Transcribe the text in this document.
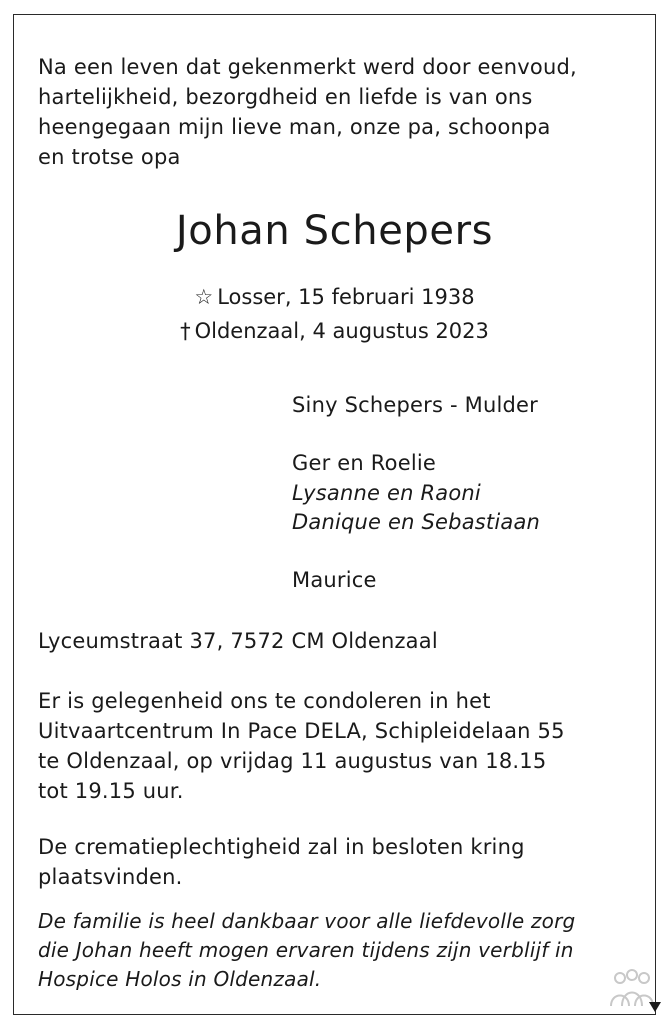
Na een leven dat gekenmerkt werd door eenvoud,
hartelijkheid, bezorgdheid en liefde is van ons
heengegaan mijn lieve man, onze pa, schoonpa
en trotse opa
Johan Schepers
☆ Losser, 15 februari 1938
† Oldenzaal, 4 augustus 2023
Siny Schepers - Mulder
Ger en Roelie
Lysanne en Raoni
Danique en Sebastiaan
Maurice
Lyceumstraat 37, 7572 CM Oldenzaal
Er is gelegenheid ons te condoleren in het
Uitvaartcentrum In Pace DELA, Schipleidelaan 55
te Oldenzaal, op vrijdag 11 augustus van 18.15
tot 19.15 uur.
De crematieplechtigheid zal in besloten kring
plaatsvinden.
De familie is heel dankbaar voor alle liefdevolle zorg
die Johan heeft mogen ervaren tijdens zijn verblijf in
Hospice Holos in Oldenzaal.
